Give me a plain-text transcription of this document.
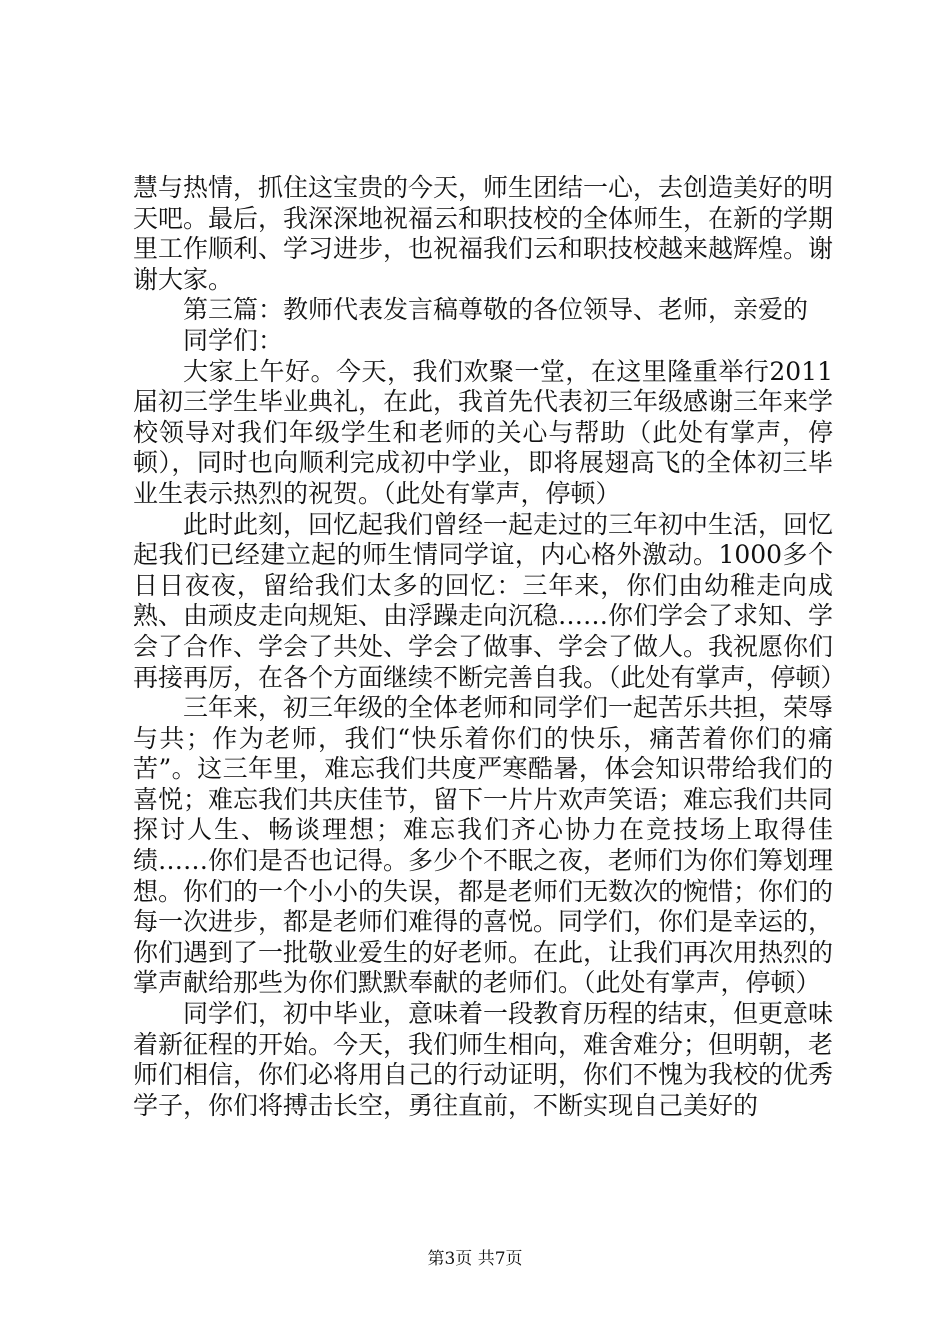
慧与热情，抓住这宝贵的今天，师生团结一心，去创造美好的明天吧。最后，我深深地祝福云和职技校的全体师生，在新的学期里工作顺利、学习进步，也祝福我们云和职技校越来越辉煌。谢谢大家。

第三篇：教师代表发言稿尊敬的各位领导、老师，亲爱的

同学们：

大家上午好。今天，我们欢聚一堂，在这里隆重举行2011届初三学生毕业典礼，在此，我首先代表初三年级感谢三年来学校领导对我们年级学生和老师的关心与帮助（此处有掌声，停顿），同时也向顺利完成初中学业，即将展翅高飞的全体初三毕业生表示热烈的祝贺。（此处有掌声，停顿）

此时此刻，回忆起我们曾经一起走过的三年初中生活，回忆起我们已经建立起的师生情同学谊，内心格外激动。1000多个日日夜夜，留给我们太多的回忆：三年来，你们由幼稚走向成熟、由顽皮走向规矩、由浮躁走向沉稳……你们学会了求知、学会了合作、学会了共处、学会了做事、学会了做人。我祝愿你们再接再厉，在各个方面继续不断完善自我。（此处有掌声，停顿）

三年来，初三年级的全体老师和同学们一起苦乐共担，荣辱与共；作为老师，我们“快乐着你们的快乐，痛苦着你们的痛苦”。这三年里，难忘我们共度严寒酷暑，体会知识带给我们的喜悦；难忘我们共庆佳节，留下一片片欢声笑语；难忘我们共同探讨人生、畅谈理想；难忘我们齐心协力在竞技场上取得佳绩……你们是否也记得。多少个不眠之夜，老师们为你们筹划理想。你们的一个小小的失误，都是老师们无数次的惋惜；你们的每一次进步，都是老师们难得的喜悦。同学们，你们是幸运的，你们遇到了一批敬业爱生的好老师。在此，让我们再次用热烈的掌声献给那些为你们默默奉献的老师们。（此处有掌声，停顿）

同学们，初中毕业，意味着一段教育历程的结束，但更意味着新征程的开始。今天，我们师生相向，难舍难分；但明朝，老师们相信，你们必将用自己的行动证明，你们不愧为我校的优秀学子，你们将搏击长空，勇往直前，不断实现自己美好的

第3页 共7页
